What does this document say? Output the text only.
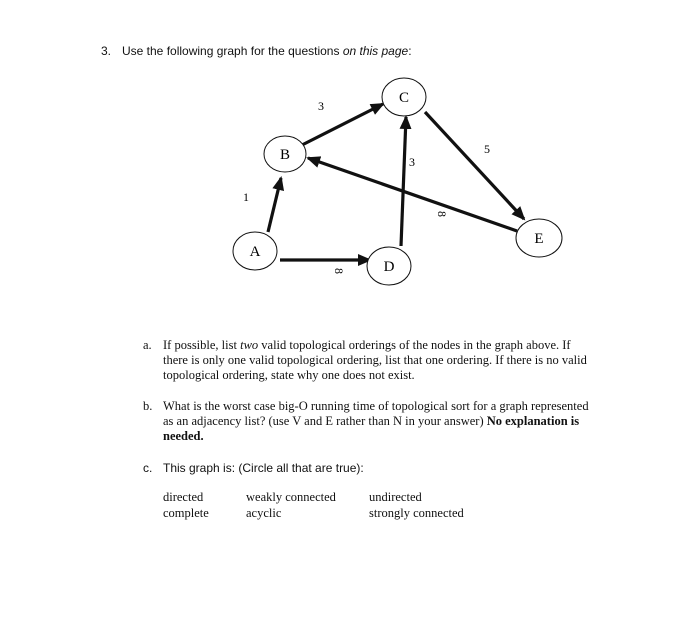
3. Use the following graph for the questions on this page:
1
3
3
5
8
8
B
C
A
D
E
a. If possible, list two valid topological orderings of the nodes in the graph above. If
there is only one valid topological ordering, list that one ordering. If there is no valid
topological ordering, state why one does not exist.
b. What is the worst case big-O running time of topological sort for a graph represented
as an adjacency list? (use V and E rather than N in your answer) No explanation is
needed.
c. This graph is: (Circle all that are true):
directed	weakly connected	undirected
complete	acyclic	strongly connected
